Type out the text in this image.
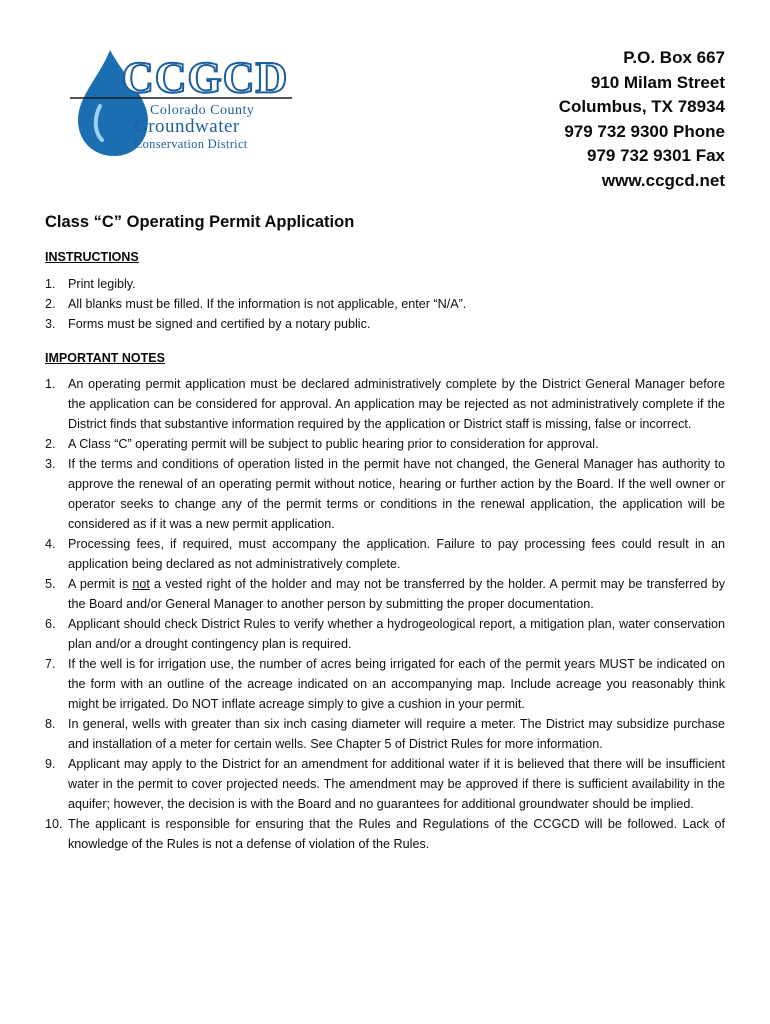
CCGCD
Colorado County
Groundwater
Conservation District
P.O. Box 667
910 Milam Street
Columbus, TX 78934
979 732 9300 Phone
979 732 9301 Fax
www.ccgcd.net
Class “C” Operating Permit Application
INSTRUCTIONS
1. Print legibly.
2. All blanks must be filled. If the information is not applicable, enter “N/A”.
3. Forms must be signed and certified by a notary public.
IMPORTANT NOTES
1. An operating permit application must be declared administratively complete by the District General Manager before the application can be considered for approval. An application may be rejected as not administratively complete if the District finds that substantive information required by the application or District staff is missing, false or incorrect.
2. A Class “C” operating permit will be subject to public hearing prior to consideration for approval.
3. If the terms and conditions of operation listed in the permit have not changed, the General Manager has authority to approve the renewal of an operating permit without notice, hearing or further action by the Board. If the well owner or operator seeks to change any of the permit terms or conditions in the renewal application, the application will be considered as if it was a new permit application.
4. Processing fees, if required, must accompany the application. Failure to pay processing fees could result in an application being declared as not administratively complete.
5. A permit is not a vested right of the holder and may not be transferred by the holder. A permit may be transferred by the Board and/or General Manager to another person by submitting the proper documentation.
6. Applicant should check District Rules to verify whether a hydrogeological report, a mitigation plan, water conservation plan and/or a drought contingency plan is required.
7. If the well is for irrigation use, the number of acres being irrigated for each of the permit years MUST be indicated on the form with an outline of the acreage indicated on an accompanying map. Include acreage you reasonably think might be irrigated. Do NOT inflate acreage simply to give a cushion in your permit.
8. In general, wells with greater than six inch casing diameter will require a meter. The District may subsidize purchase and installation of a meter for certain wells. See Chapter 5 of District Rules for more information.
9. Applicant may apply to the District for an amendment for additional water if it is believed that there will be insufficient water in the permit to cover projected needs. The amendment may be approved if there is sufficient availability in the aquifer; however, the decision is with the Board and no guarantees for additional groundwater should be implied.
10. The applicant is responsible for ensuring that the Rules and Regulations of the CCGCD will be followed. Lack of knowledge of the Rules is not a defense of violation of the Rules.
